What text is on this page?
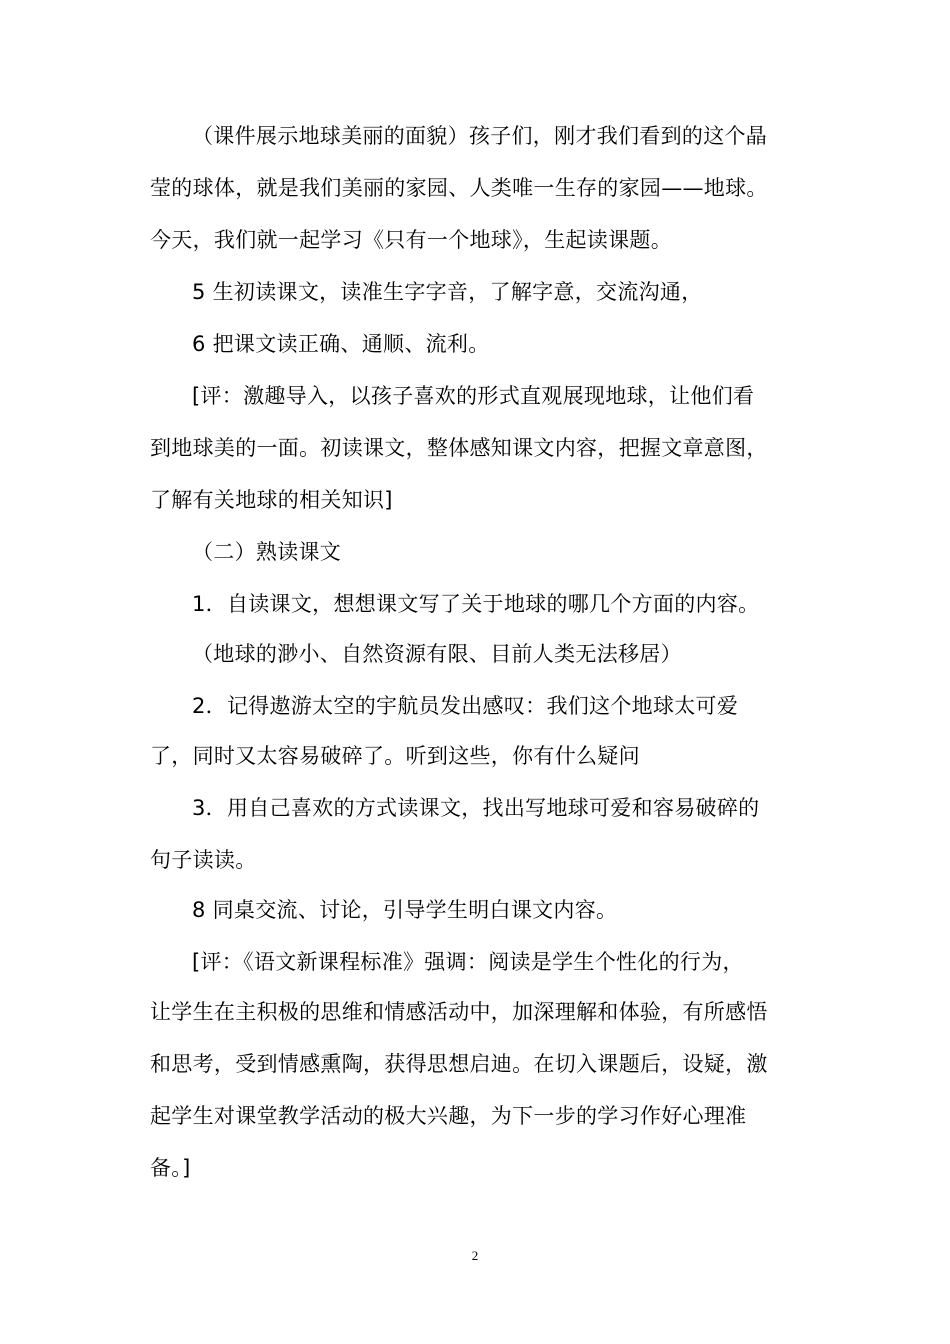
（课件展示地球美丽的面貌）孩子们，刚才我们看到的这个晶
莹的球体，就是我们美丽的家园、人类唯一生存的家园——地球。
今天，我们就一起学习《只有一个地球》，生起读课题。
5 生初读课文，读准生字字音，了解字意，交流沟通，
6 把课文读正确、通顺、流利。
[评：激趣导入，以孩子喜欢的形式直观展现地球，让他们看
到地球美的一面。初读课文，整体感知课文内容，把握文章意图，
了解有关地球的相关知识]
（二）熟读课文
1．自读课文，想想课文写了关于地球的哪几个方面的内容。
（地球的渺小、自然资源有限、目前人类无法移居）
2．记得遨游太空的宇航员发出感叹：我们这个地球太可爱
了，同时又太容易破碎了。听到这些，你有什么疑问
3．用自己喜欢的方式读课文，找出写地球可爱和容易破碎的
句子读读。
8 同桌交流、讨论，引导学生明白课文内容。
[评：《语文新课程标准》强调：阅读是学生个性化的行为，
让学生在主积极的思维和情感活动中，加深理解和体验，有所感悟
和思考，受到情感熏陶，获得思想启迪。在切入课题后，设疑，激
起学生对课堂教学活动的极大兴趣，为下一步的学习作好心理准
备。]
2
